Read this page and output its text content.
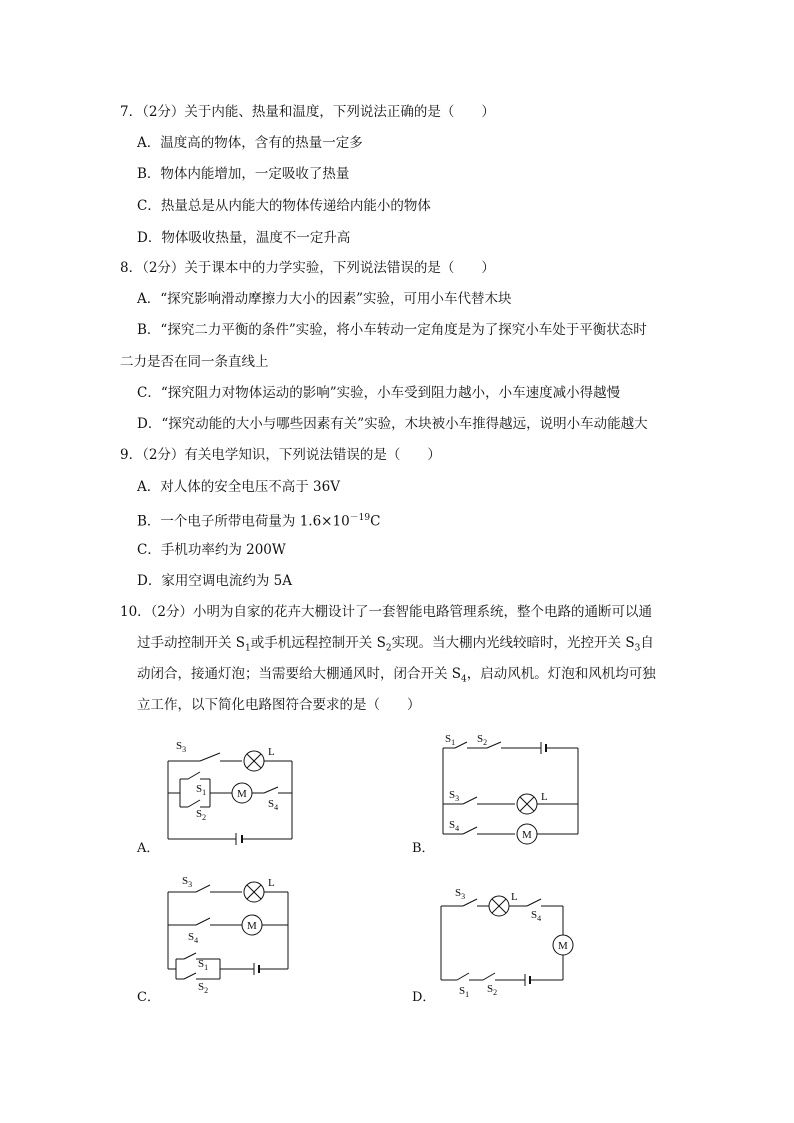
7．（2分）关于内能、热量和温度，下列说法正确的是（　　）
A．温度高的物体，含有的热量一定多
B．物体内能增加，一定吸收了热量
C．热量总是从内能大的物体传递给内能小的物体
D．物体吸收热量，温度不一定升高
8．（2分）关于课本中的力学实验，下列说法错误的是（　　）
A．“探究影响滑动摩擦力大小的因素”实验，可用小车代替木块
B．“探究二力平衡的条件”实验，将小车转动一定角度是为了探究小车处于平衡状态时
二力是否在同一条直线上
C．“探究阻力对物体运动的影响”实验，小车受到阻力越小，小车速度减小得越慢
D．“探究动能的大小与哪些因素有关”实验，木块被小车推得越远，说明小车动能越大
9．（2分）有关电学知识，下列说法错误的是（　　）
A．对人体的安全电压不高于 36V
B．一个电子所带电荷量为 $1.6\times 10^{-19}C$
C．手机功率约为 200W
D．家用空调电流约为 5A
10．（2分）小明为自家的花卉大棚设计了一套智能电路管理系统，整个电路的通断可以通
过手动控制开关 $S_1$或手机远程控制开关 $S_2$实现。当大棚内光线较暗时，光控开关 $S_3$自
动闭合，接通灯泡；当需要给大棚通风时，闭合开关 $S_4$，启动风机。灯泡和风机均可独
立工作，以下简化电路图符合要求的是（　　）
$S_3$	L
$S_1$
$S_2$
M
$S_4$
A．
$S_1$ $S_2$
$S_3$	L
$S_4$
M
B．
$S_3$	L
$S_4$
M
$S_1$
$S_2$
C．
$S_3$	L
$S_4$
M
$S_1$ $S_2$
D．
